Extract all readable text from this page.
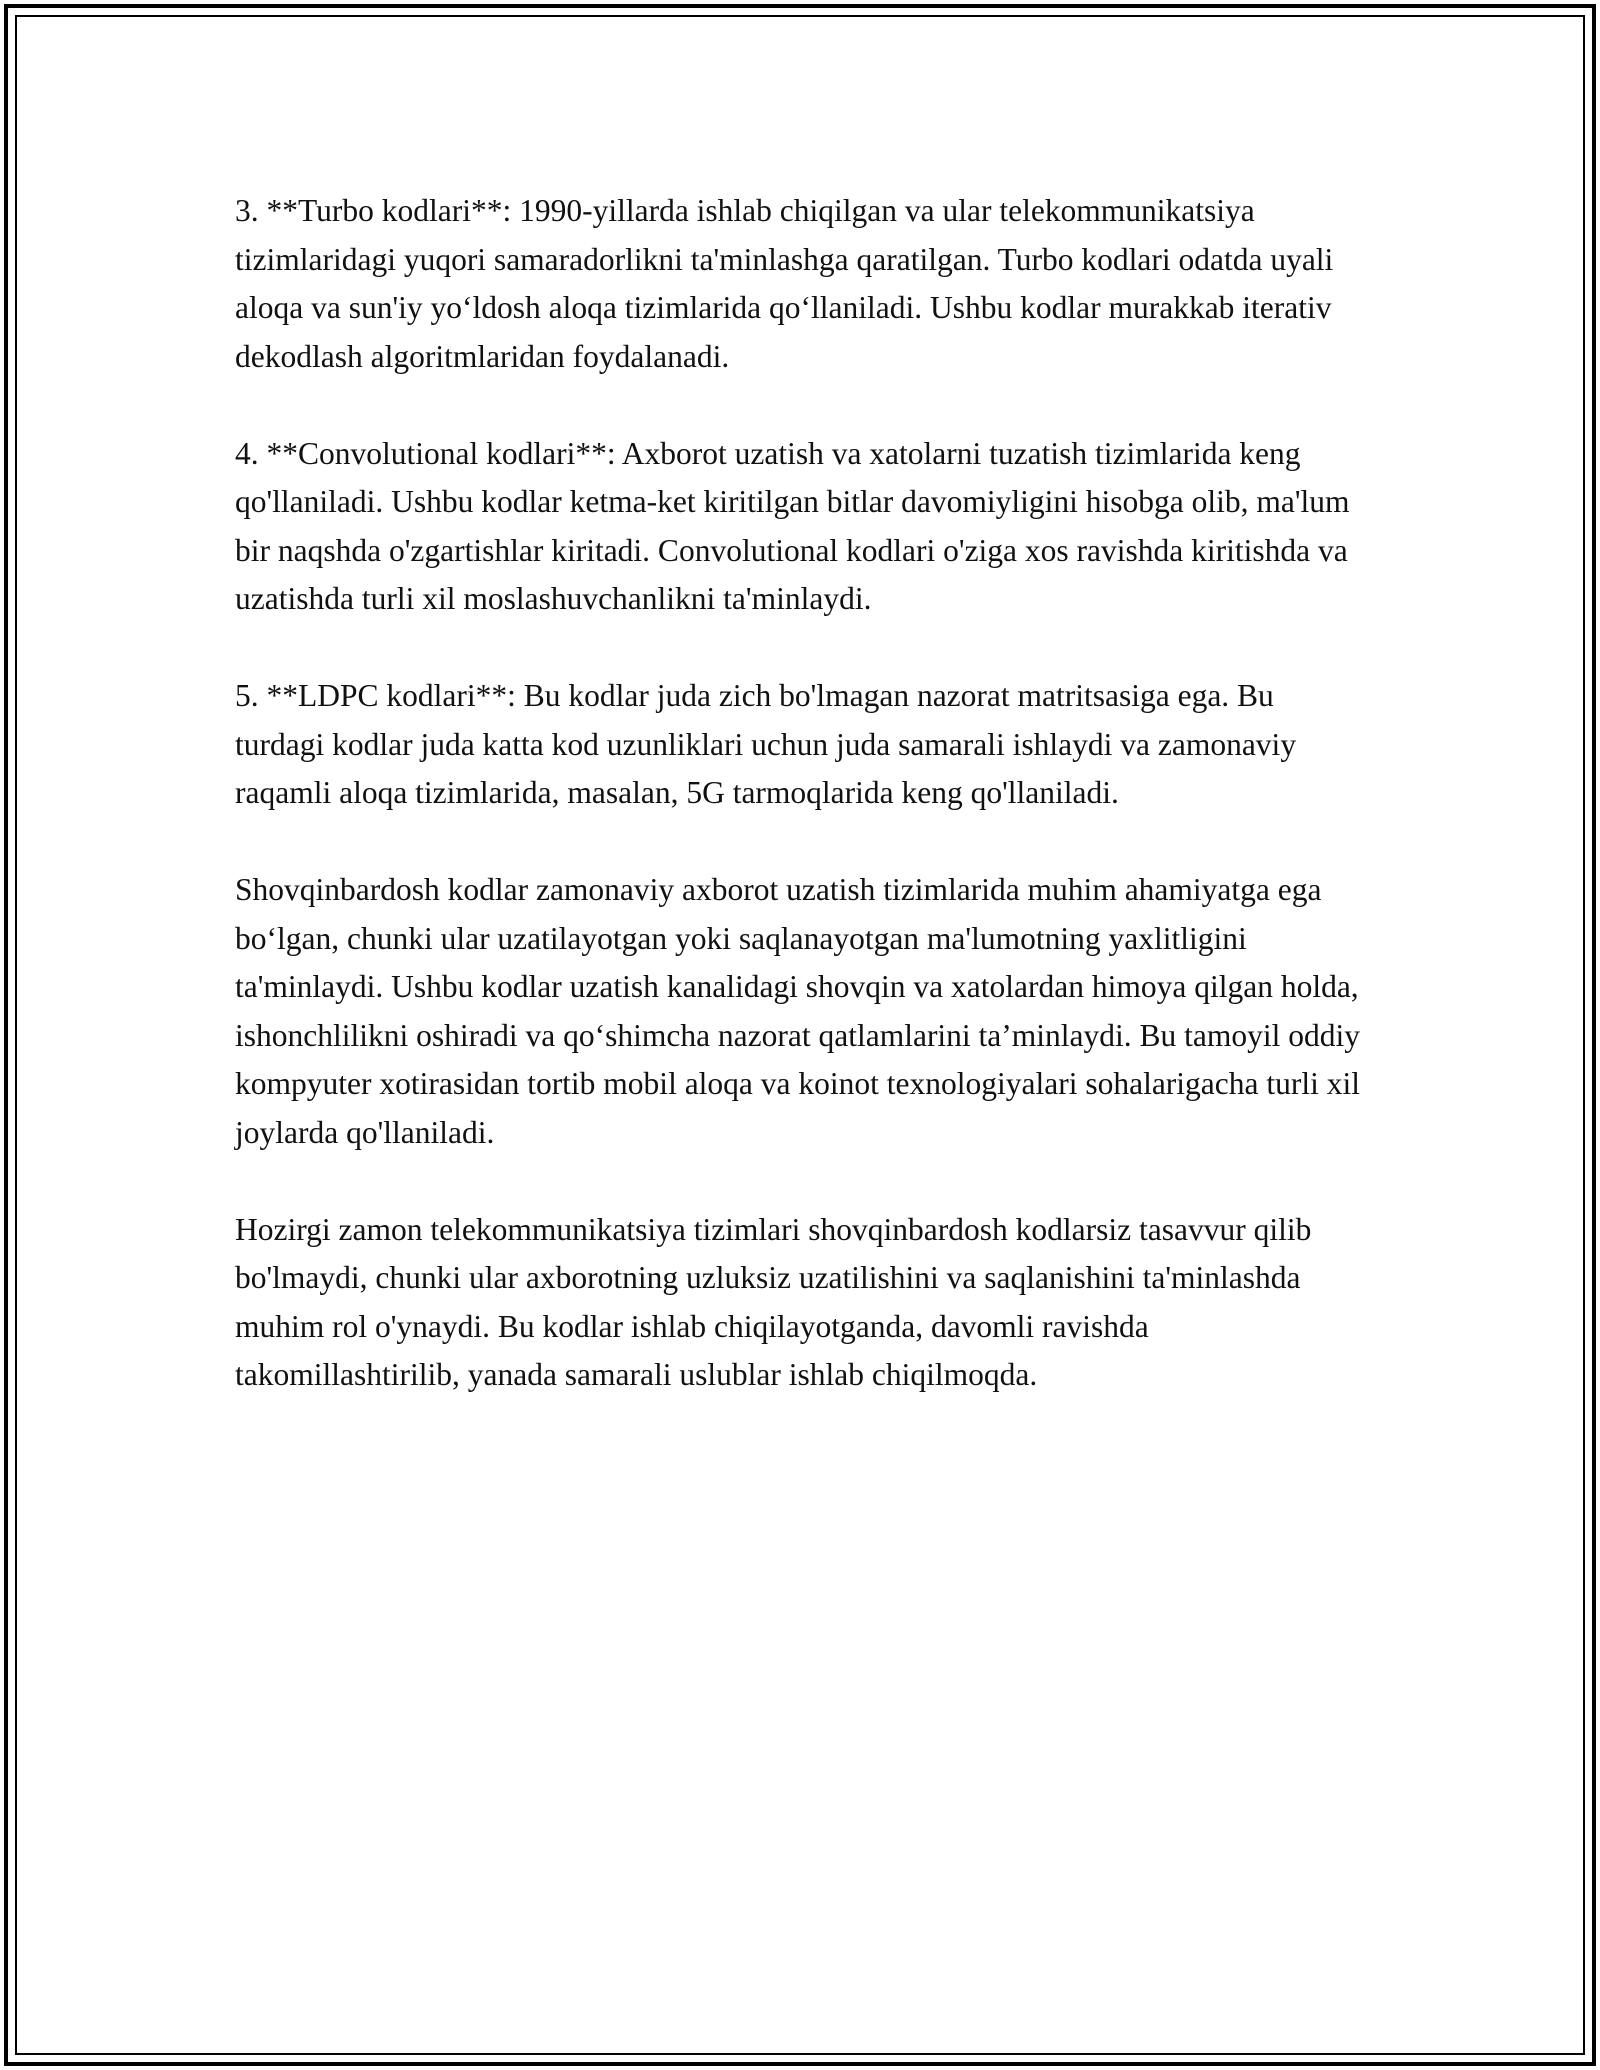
3. **Turbo kodlari**: 1990-yillarda ishlab chiqilgan va ular telekommunikatsiya tizimlaridagi yuqori samaradorlikni ta'minlashga qaratilgan. Turbo kodlari odatda uyali aloqa va sun'iy yo‘ldosh aloqa tizimlarida qo‘llaniladi. Ushbu kodlar murakkab iterativ dekodlash algoritmlaridan foydalanadi.

4. **Convolutional kodlari**: Axborot uzatish va xatolarni tuzatish tizimlarida keng qo'llaniladi. Ushbu kodlar ketma-ket kiritilgan bitlar davomiyligini hisobga olib, ma'lum bir naqshda o'zgartishlar kiritadi. Convolutional kodlari o'ziga xos ravishda kiritishda va uzatishda turli xil moslashuvchanlikni ta'minlaydi.

5. **LDPC kodlari**: Bu kodlar juda zich bo'lmagan nazorat matritsasiga ega. Bu turdagi kodlar juda katta kod uzunliklari uchun juda samarali ishlaydi va zamonaviy raqamli aloqa tizimlarida, masalan, 5G tarmoqlarida keng qo'llaniladi.

Shovqinbardosh kodlar zamonaviy axborot uzatish tizimlarida muhim ahamiyatga ega bo‘lgan, chunki ular uzatilayotgan yoki saqlanayotgan ma'lumotning yaxlitligini ta'minlaydi. Ushbu kodlar uzatish kanalidagi shovqin va xatolardan himoya qilgan holda, ishonchlilikni oshiradi va qo‘shimcha nazorat qatlamlarini ta’minlaydi. Bu tamoyil oddiy kompyuter xotirasidan tortib mobil aloqa va koinot texnologiyalari sohalarigacha turli xil joylarda qo'llaniladi.

Hozirgi zamon telekommunikatsiya tizimlari shovqinbardosh kodlarsiz tasavvur qilib bo'lmaydi, chunki ular axborotning uzluksiz uzatilishini va saqlanishini ta'minlashda muhim rol o'ynaydi. Bu kodlar ishlab chiqilayotganda, davomli ravishda takomillashtirilib, yanada samarali uslublar ishlab chiqilmoqda.
